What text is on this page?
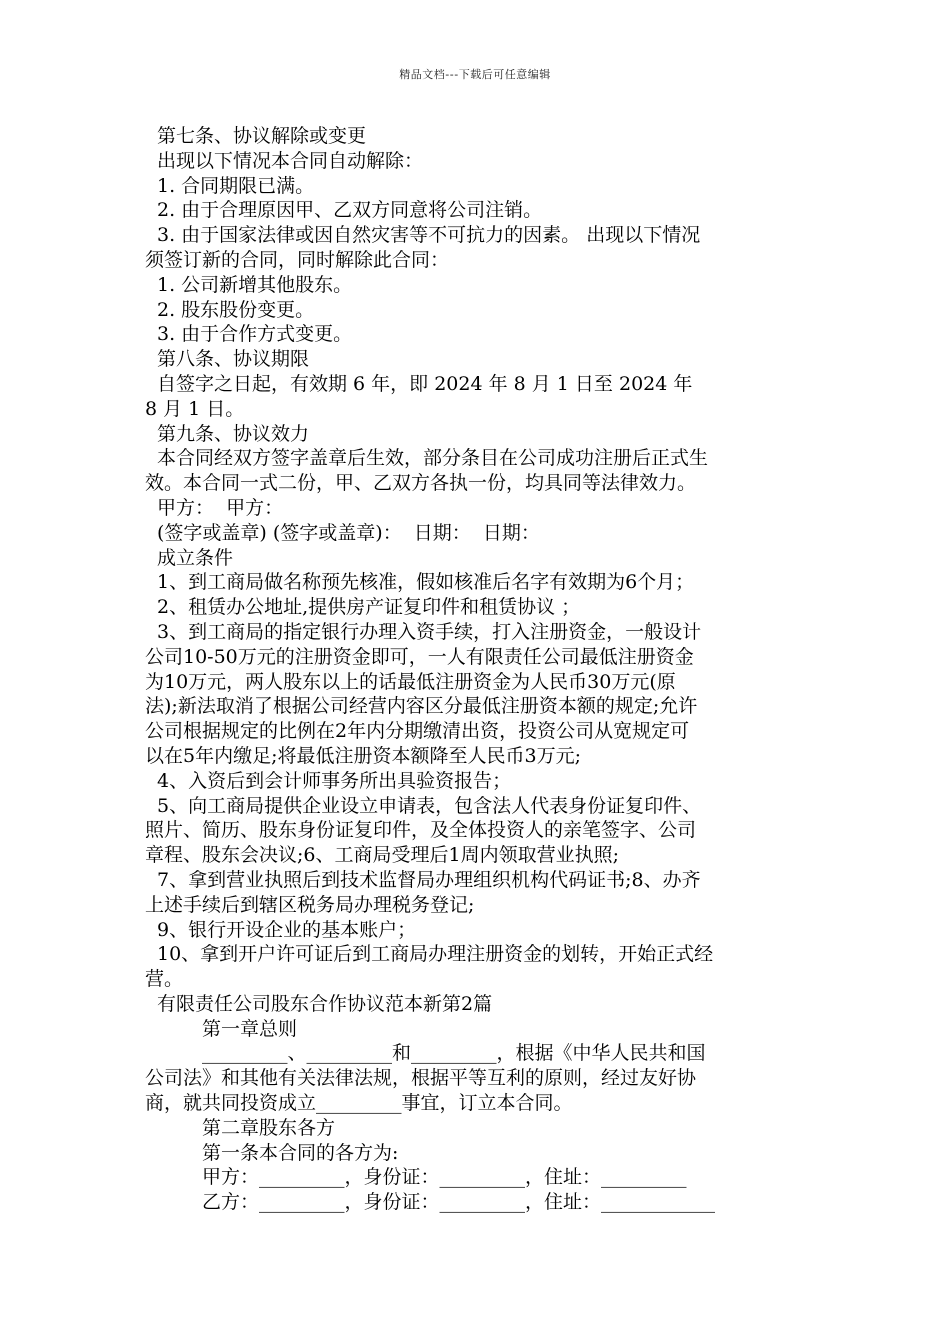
精品文档---下载后可任意编辑
第七条、协议解除或变更
出现以下情况本合同自动解除：
1. 合同期限已满。
2. 由于合理原因甲、乙双方同意将公司注销。
3. 由于国家法律或因自然灾害等不可抗力的因素。 出现以下情况
须签订新的合同，同时解除此合同：
1. 公司新增其他股东。
2. 股东股份变更。
3. 由于合作方式变更。
第八条、协议期限
自签字之日起，有效期 6 年，即 2024 年 8 月 1 日至 2024 年
8 月 1 日。
第九条、协议效力
本合同经双方签字盖章后生效，部分条目在公司成功注册后正式生
效。本合同一式二份，甲、乙双方各执一份，均具同等法律效力。
甲方：  甲方：
(签字或盖章) (签字或盖章)：  日期：  日期：
成立条件
1、到工商局做名称预先核准，假如核准后名字有效期为6个月；
2、租赁办公地址,提供房产证复印件和租赁协议 ；
3、到工商局的指定银行办理入资手续，打入注册资金，一般设计
公司10-50万元的注册资金即可，一人有限责任公司最低注册资金
为10万元，两人股东以上的话最低注册资金为人民币30万元(原
法);新法取消了根据公司经营内容区分最低注册资本额的规定;允许
公司根据规定的比例在2年内分期缴清出资，投资公司从宽规定可
以在5年内缴足;将最低注册资本额降至人民币3万元;
4、入资后到会计师事务所出具验资报告；
5、向工商局提供企业设立申请表，包含法人代表身份证复印件、
照片、简历、股东身份证复印件，及全体投资人的亲笔签字、公司
章程、股东会决议;6、工商局受理后1周内领取营业执照;
7、拿到营业执照后到技术监督局办理组织机构代码证书;8、办齐
上述手续后到辖区税务局办理税务登记;
9、银行开设企业的基本账户；
10、拿到开户许可证后到工商局办理注册资金的划转，开始正式经
营。
有限责任公司股东合作协议范本新第2篇
第一章总则
_________、_________和_________，根据《中华人民共和国
公司法》和其他有关法律法规，根据平等互利的原则，经过友好协
商，就共同投资成立_________事宜，订立本合同。
第二章股东各方
第一条本合同的各方为:
甲方：_________，身份证：_________，住址：_________
乙方：_________，身份证：_________，住址：____________
